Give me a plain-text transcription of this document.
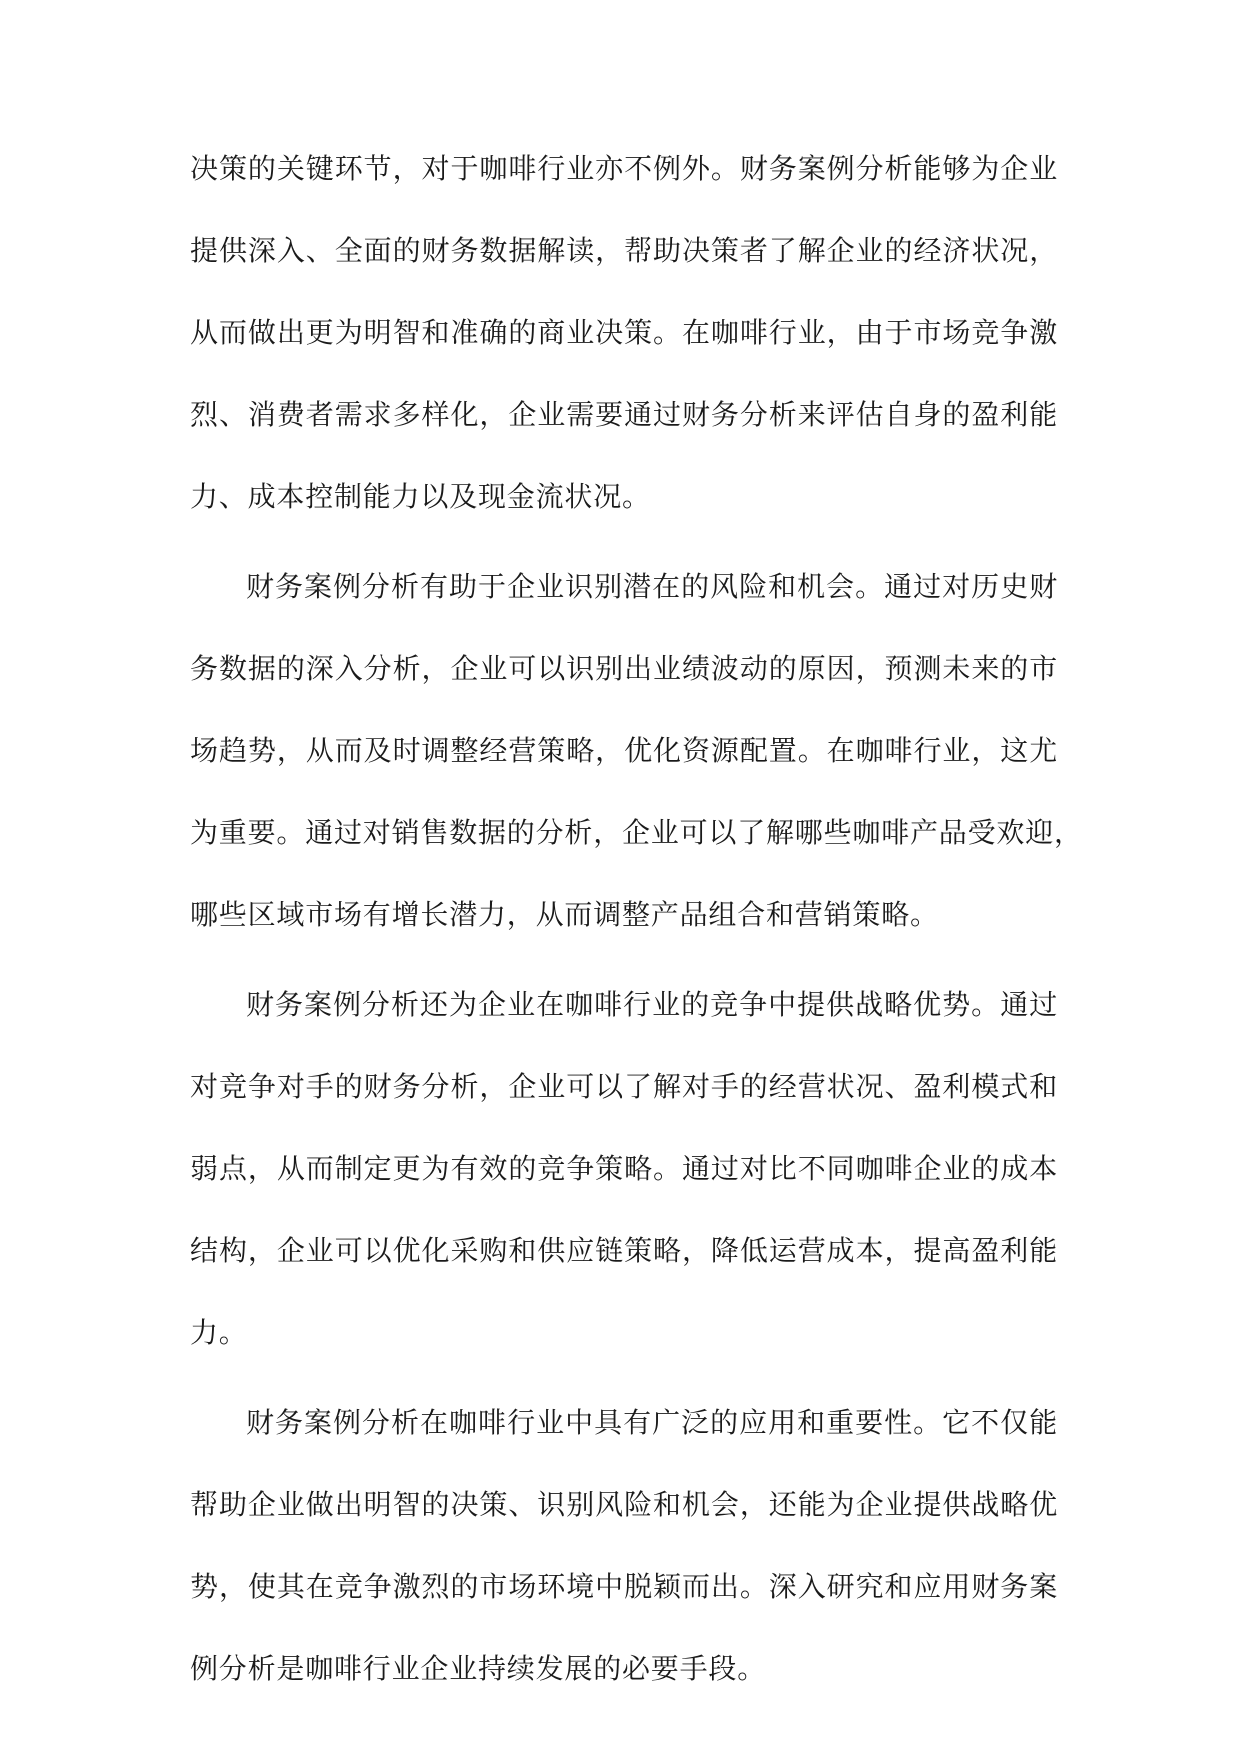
决策的关键环节，对于咖啡行业亦不例外。财务案例分析能够为企业
提供深入、全面的财务数据解读，帮助决策者了解企业的经济状况，
从而做出更为明智和准确的商业决策。在咖啡行业，由于市场竞争激
烈、消费者需求多样化，企业需要通过财务分析来评估自身的盈利能
力、成本控制能力以及现金流状况。

财务案例分析有助于企业识别潜在的风险和机会。通过对历史财
务数据的深入分析，企业可以识别出业绩波动的原因，预测未来的市
场趋势，从而及时调整经营策略，优化资源配置。在咖啡行业，这尤
为重要。通过对销售数据的分析，企业可以了解哪些咖啡产品受欢迎，
哪些区域市场有增长潜力，从而调整产品组合和营销策略。

财务案例分析还为企业在咖啡行业的竞争中提供战略优势。通过
对竞争对手的财务分析，企业可以了解对手的经营状况、盈利模式和
弱点，从而制定更为有效的竞争策略。通过对比不同咖啡企业的成本
结构，企业可以优化采购和供应链策略，降低运营成本，提高盈利能
力。

财务案例分析在咖啡行业中具有广泛的应用和重要性。它不仅能
帮助企业做出明智的决策、识别风险和机会，还能为企业提供战略优
势，使其在竞争激烈的市场环境中脱颖而出。深入研究和应用财务案
例分析是咖啡行业企业持续发展的必要手段。
